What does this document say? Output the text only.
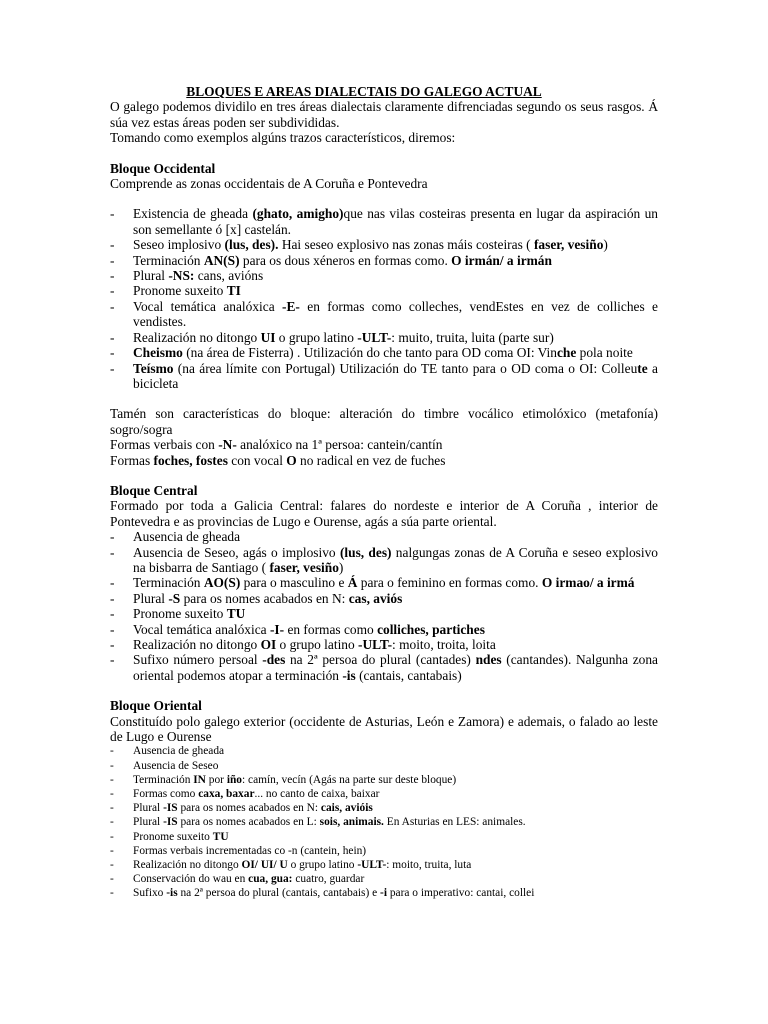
BLOQUES E AREAS DIALECTAIS DO GALEGO ACTUAL

O galego podemos dividilo en tres áreas dialectais claramente difrenciadas segundo os seus rasgos. Á súa vez estas áreas poden ser subdivididas.

Tomando como exemplos algúns trazos característicos, diremos:

Bloque Occidental

Comprende as zonas occidentais de A Coruña e Pontevedra

- Existencia de gheada (ghato, amigho)que nas vilas costeiras presenta en lugar da aspiración un son semellante ó [x] castelán.
- Seseo implosivo (lus, des). Hai seseo explosivo nas zonas máis costeiras ( faser, vesiño)
- Terminación AN(S) para os dous xéneros en formas como. O irmán/ a irmán
- Plural -NS: cans, avións
- Pronome suxeito TI
- Vocal temática analóxica -E- en formas como colleches, vendEstes en vez de colliches e vendistes.
- Realización no ditongo UI o grupo latino -ULT-: muito, truita, luita (parte sur)
- Cheismo (na área de Fisterra) . Utilización do che tanto para OD coma OI: Vinche pola noite
- Teísmo (na área límite con Portugal) Utilización do TE tanto para o OD coma o OI: Colleute a bicicleta

Tamén son características do bloque: alteración do timbre vocálico etimolóxico (metafonía) sogro/sogra

Formas verbais con -N- analóxico na 1ª persoa: cantein/cantín

Formas foches, fostes con vocal O no radical en vez de fuches

Bloque Central

Formado por toda a Galicia Central: falares do nordeste e interior de A Coruña , interior de Pontevedra e as provincias de Lugo e Ourense, agás a súa parte oriental.

- Ausencia de gheada
- Ausencia de Seseo, agás o implosivo (lus, des) nalgungas zonas de A Coruña e seseo explosivo na bisbarra de Santiago ( faser, vesiño)
- Terminación AO(S) para o masculino e Á para o feminino en formas como. O irmao/ a irmá
- Plural -S para os nomes acabados en N: cas, aviós
- Pronome suxeito TU
- Vocal temática analóxica -I- en formas como colliches, partiches
- Realización no ditongo OI o grupo latino -ULT-: moito, troita, loita
- Sufixo número persoal -des na 2ª persoa do plural (cantades) ndes (cantandes). Nalgunha zona oriental podemos atopar a terminación -is (cantais, cantabais)

Bloque Oriental

Constituído polo galego exterior (occidente de Asturias, León e Zamora) e ademais, o falado ao leste de Lugo e Ourense

- Ausencia de gheada
- Ausencia de Seseo
- Terminación IN por iño: camín, vecín (Agás na parte sur deste bloque)
- Formas como caxa, baxar... no canto de caixa, baixar
- Plural -IS para os nomes acabados en N: cais, avióis
- Plural -IS para os nomes acabados en L: sois, animais. En Asturias en LES: animales.
- Pronome suxeito TU
- Formas verbais incrementadas co -n (cantein, hein)
- Realización no ditongo OI/ UI/ U o grupo latino -ULT-: moito, truita, luta
- Conservación do wau en cua, gua: cuatro, guardar
- Sufixo -is na 2ª persoa do plural (cantais, cantabais) e -i para o imperativo: cantai, collei
